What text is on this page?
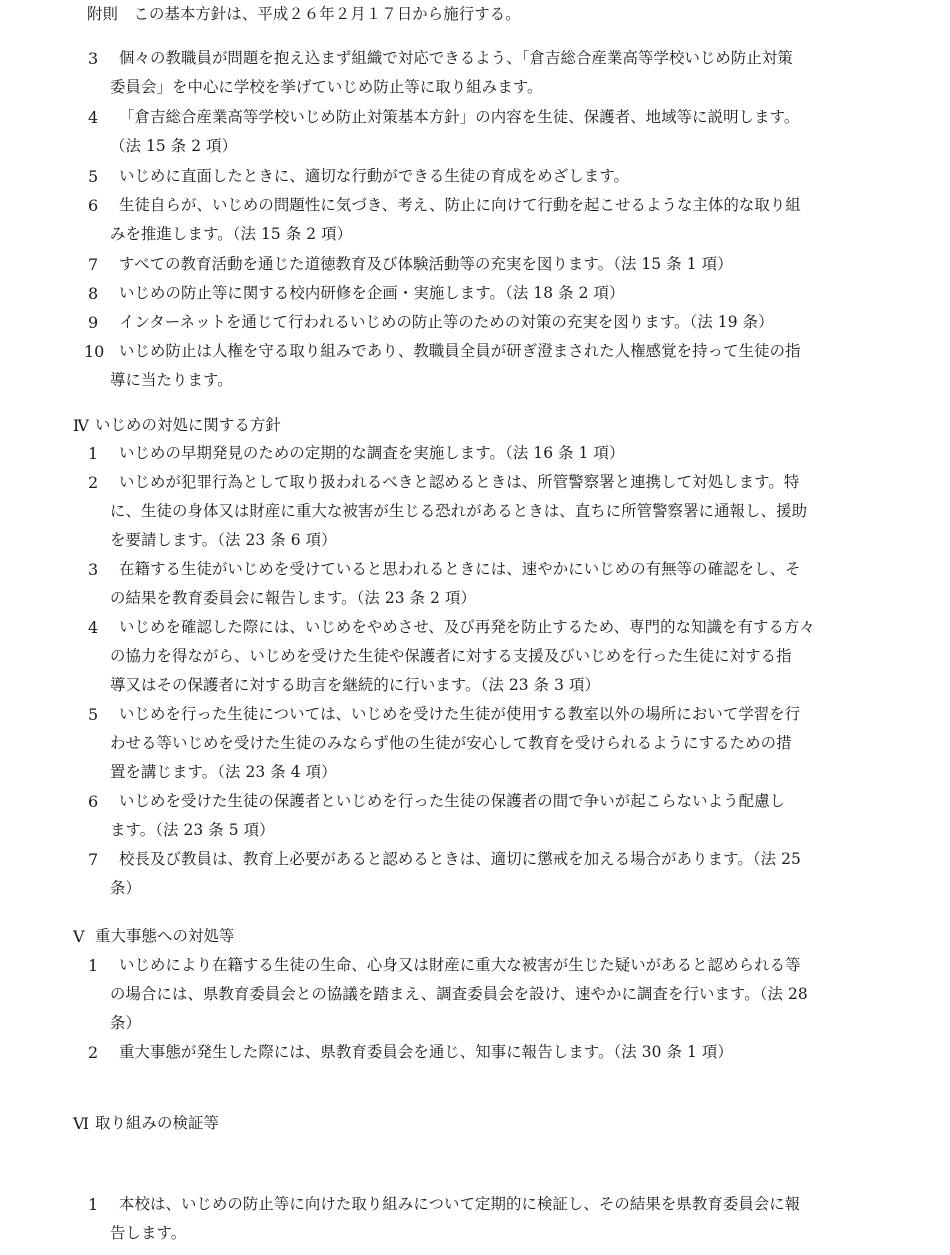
3 個々の教職員が問題を抱え込まず組織で対応できるよう、「倉吉総合産業高等学校いじめ防止対策
委員会」を中心に学校を挙げていじめ防止等に取り組みます。
4 「倉吉総合産業高等学校いじめ防止対策基本方針」の内容を生徒、保護者、地域等に説明します。
（法 15 条 2 項）
5 いじめに直面したときに、適切な行動ができる生徒の育成をめざします。
6 生徒自らが、いじめの問題性に気づき、考え、防止に向けて行動を起こせるような主体的な取り組
みを推進します。（法 15 条 2 項）
7 すべての教育活動を通じた道徳教育及び体験活動等の充実を図ります。（法 15 条 1 項）
8 いじめの防止等に関する校内研修を企画・実施します。（法 18 条 2 項）
9 インターネットを通じて行われるいじめの防止等のための対策の充実を図ります。（法 19 条）
10 いじめ防止は人権を守る取り組みであり、教職員全員が研ぎ澄まされた人権感覚を持って生徒の指
導に当たります。
Ⅳ いじめの対処に関する方針
1 いじめの早期発見のための定期的な調査を実施します。（法 16 条 1 項）
2 いじめが犯罪行為として取り扱われるべきと認めるときは、所管警察署と連携して対処します。特
に、生徒の身体又は財産に重大な被害が生じる恐れがあるときは、直ちに所管警察署に通報し、援助
を要請します。（法 23 条 6 項）
3 在籍する生徒がいじめを受けていると思われるときには、速やかにいじめの有無等の確認をし、そ
の結果を教育委員会に報告します。（法 23 条 2 項）
4 いじめを確認した際には、いじめをやめさせ、及び再発を防止するため、専門的な知識を有する方々
の協力を得ながら、いじめを受けた生徒や保護者に対する支援及びいじめを行った生徒に対する指
導又はその保護者に対する助言を継続的に行います。（法 23 条 3 項）
5 いじめを行った生徒については、いじめを受けた生徒が使用する教室以外の場所において学習を行
わせる等いじめを受けた生徒のみならず他の生徒が安心して教育を受けられるようにするための措
置を講じます。（法 23 条 4 項）
6 いじめを受けた生徒の保護者といじめを行った生徒の保護者の間で争いが起こらないよう配慮し
ます。（法 23 条 5 項）
7 校長及び教員は、教育上必要があると認めるときは、適切に懲戒を加える場合があります。（法 25
条）
Ⅴ 重大事態への対処等
1 いじめにより在籍する生徒の生命、心身又は財産に重大な被害が生じた疑いがあると認められる等
の場合には、県教育委員会との協議を踏まえ、調査委員会を設け、速やかに調査を行います。（法 28
条）
2 重大事態が発生した際には、県教育委員会を通じ、知事に報告します。（法 30 条 1 項）
Ⅵ 取り組みの検証等
1 本校は、いじめの防止等に向けた取り組みについて定期的に検証し、その結果を県教育委員会に報
告します。
附則　この基本方針は、平成２６年２月１７日から施行する。
